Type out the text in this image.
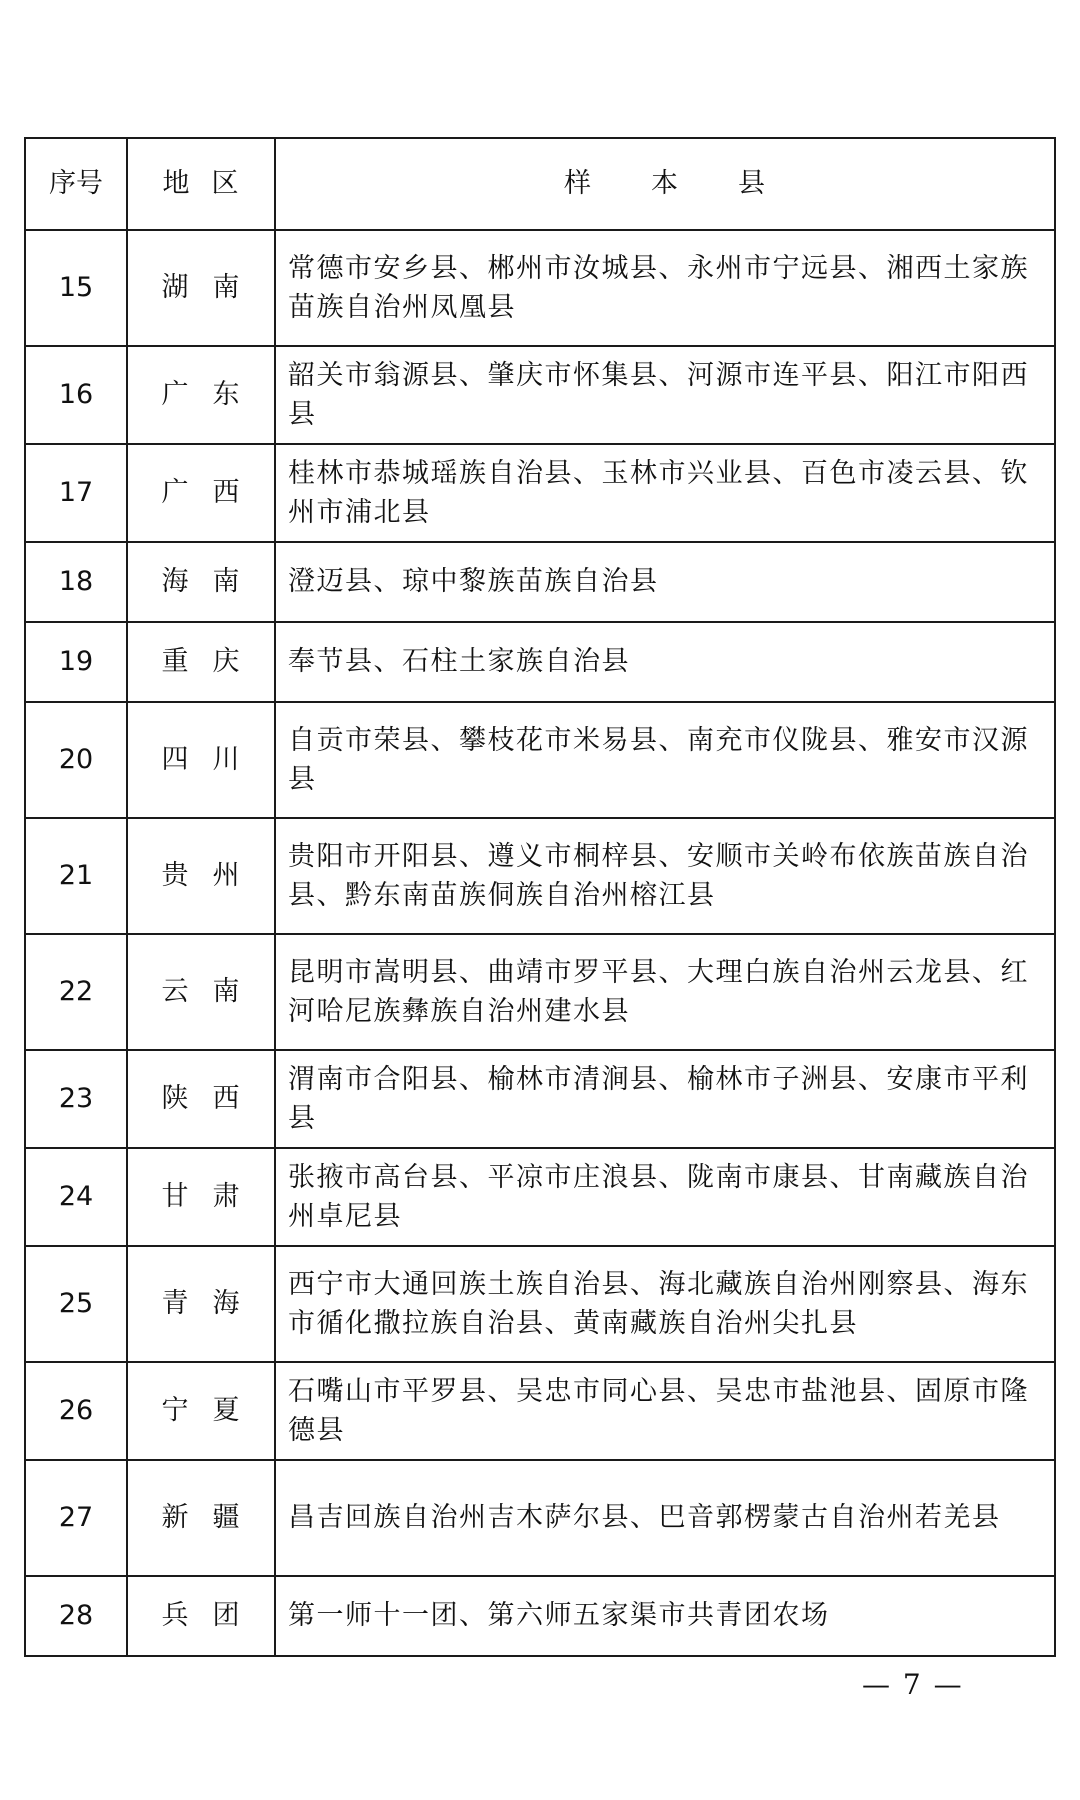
序号	地区	样本县
15	湖南	常德市安乡县、郴州市汝城县、永州市宁远县、湘西土家族苗族自治州凤凰县
16	广东	韶关市翁源县、肇庆市怀集县、河源市连平县、阳江市阳西县
17	广西	桂林市恭城瑶族自治县、玉林市兴业县、百色市凌云县、钦州市浦北县
18	海南	澄迈县、琼中黎族苗族自治县
19	重庆	奉节县、石柱土家族自治县
20	四川	自贡市荣县、攀枝花市米易县、南充市仪陇县、雅安市汉源县
21	贵州	贵阳市开阳县、遵义市桐梓县、安顺市关岭布依族苗族自治县、黔东南苗族侗族自治州榕江县
22	云南	昆明市嵩明县、曲靖市罗平县、大理白族自治州云龙县、红河哈尼族彝族自治州建水县
23	陕西	渭南市合阳县、榆林市清涧县、榆林市子洲县、安康市平利县
24	甘肃	张掖市高台县、平凉市庄浪县、陇南市康县、甘南藏族自治州卓尼县
25	青海	西宁市大通回族土族自治县、海北藏族自治州刚察县、海东市循化撒拉族自治县、黄南藏族自治州尖扎县
26	宁夏	石嘴山市平罗县、吴忠市同心县、吴忠市盐池县、固原市隆德县
27	新疆	昌吉回族自治州吉木萨尔县、巴音郭楞蒙古自治州若羌县
28	兵团	第一师十一团、第六师五家渠市共青团农场
— 7 —
